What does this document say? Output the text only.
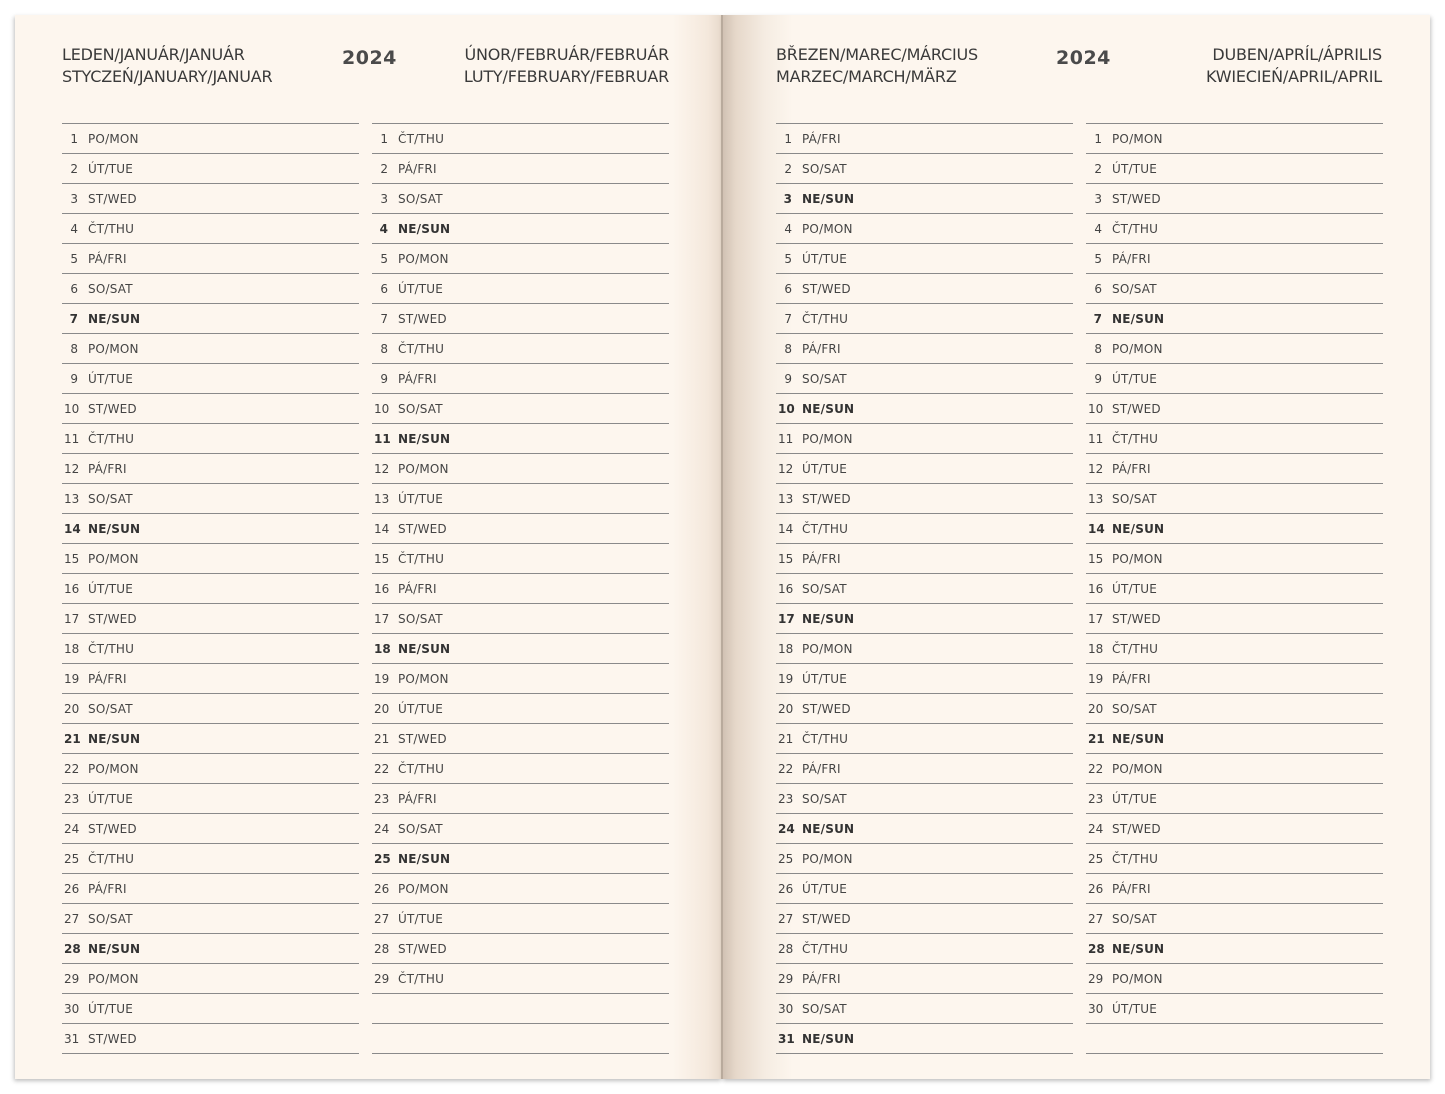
LEDEN/JANUÁR/JANUÁR
STYCZEŃ/JANUARY/JANUAR
2024	ÚNOR/FEBRUÁR/FEBRUÁR
LUTY/FEBRUARY/FEBRUAR
BŘEZEN/MAREC/MÁRCIUS
MARZEC/MARCH/MÄRZ
2024	DUBEN/APRÍL/ÁPRILIS
KWIECIEŃ/APRIL/APRIL
1 PO/MON
2 ÚT/TUE
3 ST/WED
4 ČT/THU
5 PÁ/FRI
6 SO/SAT
7 NE/SUN
8 PO/MON
9 ÚT/TUE
10 ST/WED
11 ČT/THU
12 PÁ/FRI
13 SO/SAT
14 NE/SUN
15 PO/MON
16 ÚT/TUE
17 ST/WED
18 ČT/THU
19 PÁ/FRI
20 SO/SAT
21 NE/SUN
22 PO/MON
23 ÚT/TUE
24 ST/WED
25 ČT/THU
26 PÁ/FRI
27 SO/SAT
28 NE/SUN
29 PO/MON
30 ÚT/TUE
31 ST/WED
1 ČT/THU
2 PÁ/FRI
3 SO/SAT
4 NE/SUN
5 PO/MON
6 ÚT/TUE
7 ST/WED
8 ČT/THU
9 PÁ/FRI
10 SO/SAT
11 NE/SUN
12 PO/MON
13 ÚT/TUE
14 ST/WED
15 ČT/THU
16 PÁ/FRI
17 SO/SAT
18 NE/SUN
19 PO/MON
20 ÚT/TUE
21 ST/WED
22 ČT/THU
23 PÁ/FRI
24 SO/SAT
25 NE/SUN
26 PO/MON
27 ÚT/TUE
28 ST/WED
29 ČT/THU
1 PÁ/FRI
2 SO/SAT
3 NE/SUN
4 PO/MON
5 ÚT/TUE
6 ST/WED
7 ČT/THU
8 PÁ/FRI
9 SO/SAT
10 NE/SUN
11 PO/MON
12 ÚT/TUE
13 ST/WED
14 ČT/THU
15 PÁ/FRI
16 SO/SAT
17 NE/SUN
18 PO/MON
19 ÚT/TUE
20 ST/WED
21 ČT/THU
22 PÁ/FRI
23 SO/SAT
24 NE/SUN
25 PO/MON
26 ÚT/TUE
27 ST/WED
28 ČT/THU
29 PÁ/FRI
30 SO/SAT
31 NE/SUN
1 PO/MON
2 ÚT/TUE
3 ST/WED
4 ČT/THU
5 PÁ/FRI
6 SO/SAT
7 NE/SUN
8 PO/MON
9 ÚT/TUE
10 ST/WED
11 ČT/THU
12 PÁ/FRI
13 SO/SAT
14 NE/SUN
15 PO/MON
16 ÚT/TUE
17 ST/WED
18 ČT/THU
19 PÁ/FRI
20 SO/SAT
21 NE/SUN
22 PO/MON
23 ÚT/TUE
24 ST/WED
25 ČT/THU
26 PÁ/FRI
27 SO/SAT
28 NE/SUN
29 PO/MON
30 ÚT/TUE
